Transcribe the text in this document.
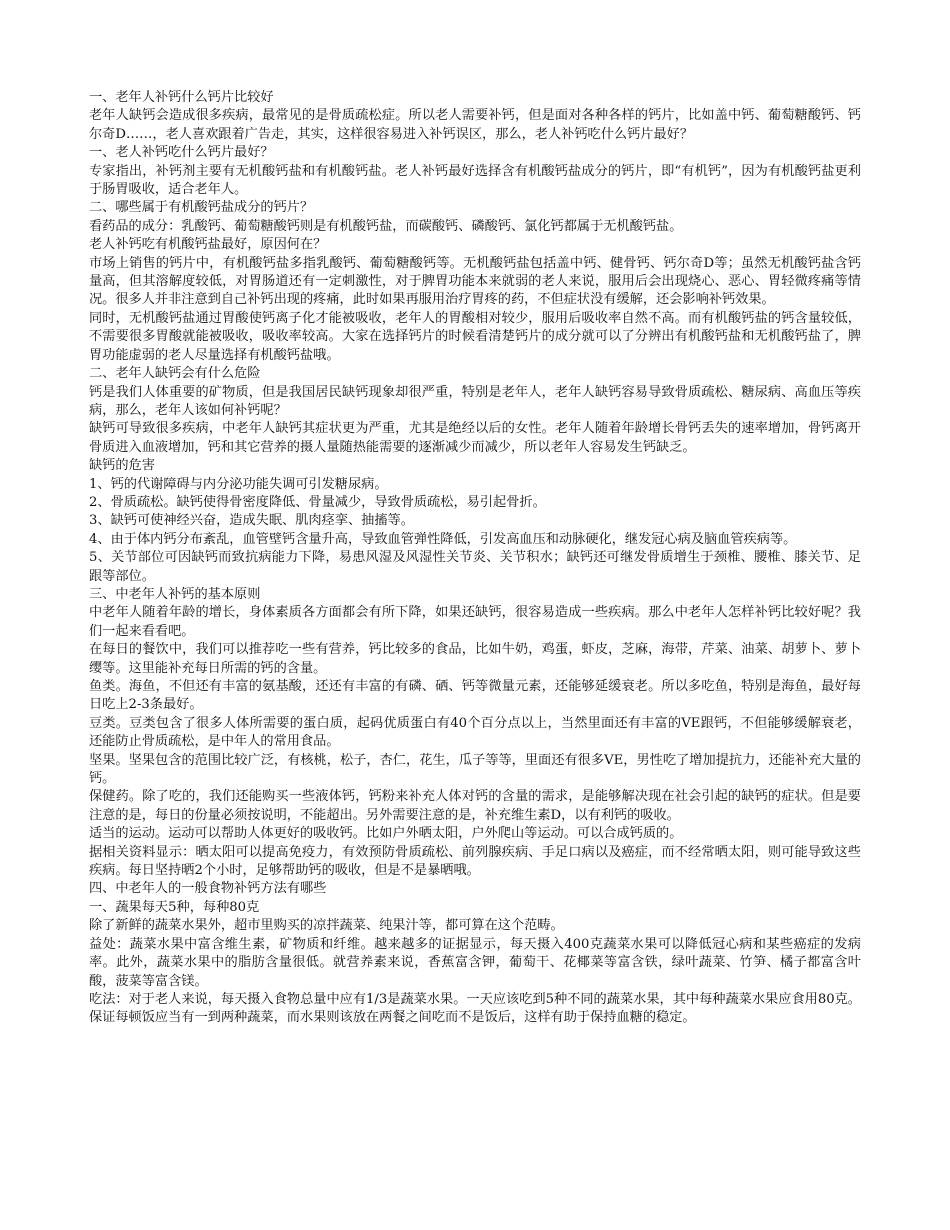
一、老年人补钙什么钙片比较好

老年人缺钙会造成很多疾病，最常见的是骨质疏松症。所以老人需要补钙，但是面对各种各样的钙片，比如盖中钙、葡萄糖酸钙、钙尔奇D……，老人喜欢跟着广告走，其实，这样很容易进入补钙误区，那么，老人补钙吃什么钙片最好？

一、老人补钙吃什么钙片最好？

专家指出，补钙剂主要有无机酸钙盐和有机酸钙盐。老人补钙最好选择含有机酸钙盐成分的钙片，即“有机钙”，因为有机酸钙盐更利于肠胃吸收，适合老年人。

二、哪些属于有机酸钙盐成分的钙片？

看药品的成分：乳酸钙、葡萄糖酸钙则是有机酸钙盐，而碳酸钙、磷酸钙、氯化钙都属于无机酸钙盐。

老人补钙吃有机酸钙盐最好，原因何在？

市场上销售的钙片中，有机酸钙盐多指乳酸钙、葡萄糖酸钙等。无机酸钙盐包括盖中钙、健骨钙、钙尔奇D等；虽然无机酸钙盐含钙量高，但其溶解度较低，对胃肠道还有一定刺激性，对于脾胃功能本来就弱的老人来说，服用后会出现烧心、恶心、胃轻微疼痛等情况。很多人并非注意到自己补钙出现的疼痛，此时如果再服用治疗胃疼的药，不但症状没有缓解，还会影响补钙效果。

同时，无机酸钙盐通过胃酸使钙离子化才能被吸收，老年人的胃酸相对较少，服用后吸收率自然不高。而有机酸钙盐的钙含量较低，不需要很多胃酸就能被吸收，吸收率较高。大家在选择钙片的时候看清楚钙片的成分就可以了分辨出有机酸钙盐和无机酸钙盐了，脾胃功能虚弱的老人尽量选择有机酸钙盐哦。

二、老年人缺钙会有什么危险

钙是我们人体重要的矿物质，但是我国居民缺钙现象却很严重，特别是老年人，老年人缺钙容易导致骨质疏松、糖尿病、高血压等疾病，那么，老年人该如何补钙呢？

缺钙可导致很多疾病，中老年人缺钙其症状更为严重，尤其是绝经以后的女性。老年人随着年龄增长骨钙丢失的速率增加，骨钙离开骨质进入血液增加，钙和其它营养的摄人量随热能需要的逐渐减少而减少，所以老年人容易发生钙缺乏。

缺钙的危害

1、钙的代谢障碍与内分泌功能失调可引发糖尿病。

2、骨质疏松。缺钙使得骨密度降低、骨量减少，导致骨质疏松，易引起骨折。

3、缺钙可使神经兴奋，造成失眠、肌肉痉挛、抽搐等。

4、由于体内钙分布紊乱，血管壁钙含量升高，导致血管弹性降低，引发高血压和动脉硬化，继发冠心病及脑血管疾病等。

5、关节部位可因缺钙而致抗病能力下降，易患风湿及风湿性关节炎、关节积水；缺钙还可继发骨质增生于颈椎、腰椎、膝关节、足跟等部位。

三、中老年人补钙的基本原则

中老年人随着年龄的增长，身体素质各方面都会有所下降，如果还缺钙，很容易造成一些疾病。那么中老年人怎样补钙比较好呢？我们一起来看看吧。

在每日的餐饮中，我们可以推荐吃一些有营养，钙比较多的食品，比如牛奶，鸡蛋，虾皮，芝麻，海带，芹菜、油菜、胡萝卜、萝卜缨等。这里能补充每日所需的钙的含量。

鱼类。海鱼，不但还有丰富的氨基酸，还还有丰富的有磷、硒、钙等微量元素，还能够延缓衰老。所以多吃鱼，特别是海鱼，最好每日吃上2-3条最好。

豆类。豆类包含了很多人体所需要的蛋白质，起码优质蛋白有40个百分点以上，当然里面还有丰富的VE跟钙，不但能够缓解衰老，还能防止骨质疏松，是中年人的常用食品。

坚果。坚果包含的范围比较广泛，有核桃，松子，杏仁，花生，瓜子等等，里面还有很多VE，男性吃了增加提抗力，还能补充大量的钙。

保健药。除了吃的，我们还能购买一些液体钙，钙粉来补充人体对钙的含量的需求，是能够解决现在社会引起的缺钙的症状。但是要注意的是，每日的份量必须按说明，不能超出。另外需要注意的是，补充维生素D，以有利钙的吸收。

适当的运动。运动可以帮助人体更好的吸收钙。比如户外晒太阳，户外爬山等运动。可以合成钙质的。

据相关资料显示：晒太阳可以提高免疫力，有效预防骨质疏松、前列腺疾病、手足口病以及癌症，而不经常晒太阳，则可能导致这些疾病。每日坚持晒2个小时，足够帮助钙的吸收，但是不是暴晒哦。

四、中老年人的一般食物补钙方法有哪些

一、蔬果每天5种，每种80克

除了新鲜的蔬菜水果外，超市里购买的凉拌蔬菜、纯果汁等，都可算在这个范畴。

益处：蔬菜水果中富含维生素，矿物质和纤维。越来越多的证据显示，每天摄入400克蔬菜水果可以降低冠心病和某些癌症的发病率。此外，蔬菜水果中的脂肪含量很低。就营养素来说，香蕉富含钾，葡萄干、花椰菜等富含铁，绿叶蔬菜、竹笋、橘子都富含叶酸，菠菜等富含镁。

吃法：对于老人来说，每天摄入食物总量中应有1/3是蔬菜水果。一天应该吃到5种不同的蔬菜水果，其中每种蔬菜水果应食用80克。保证每顿饭应当有一到两种蔬菜，而水果则该放在两餐之间吃而不是饭后，这样有助于保持血糖的稳定。
